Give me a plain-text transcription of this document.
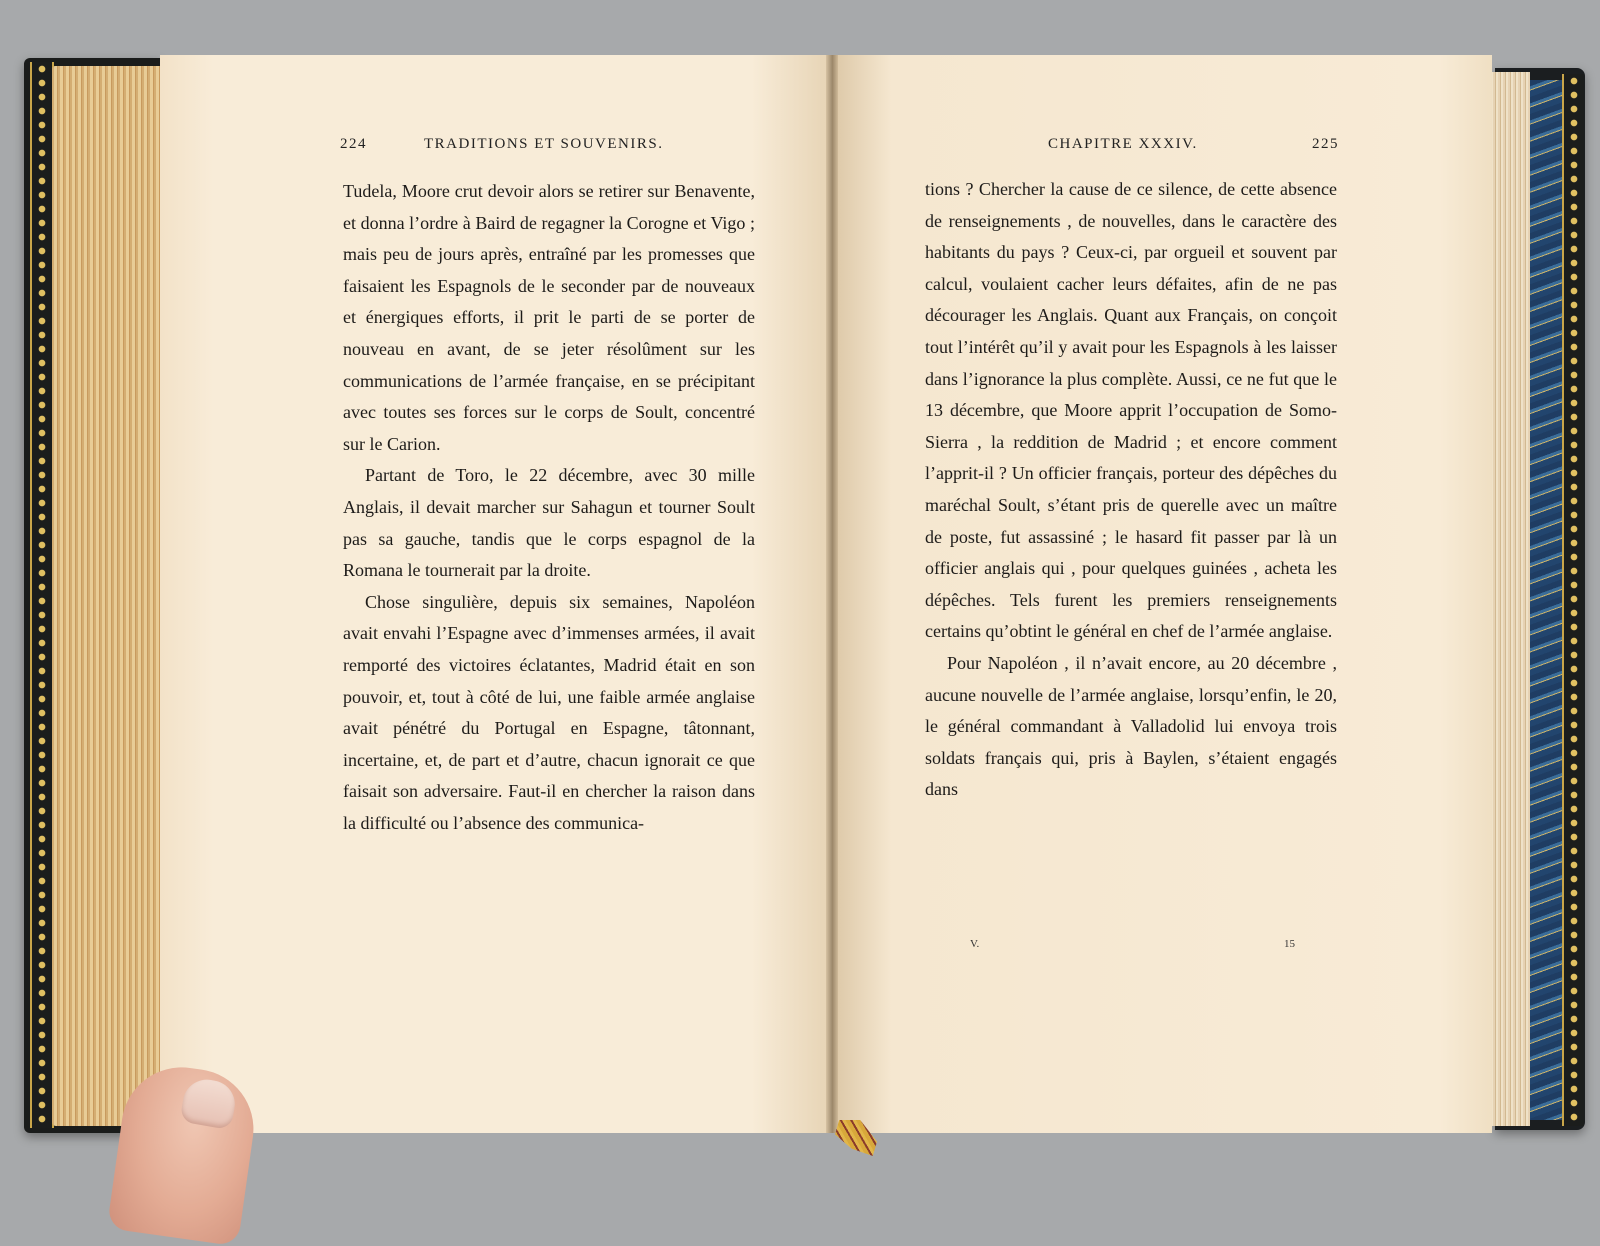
224	TRADITIONS ET SOUVENIRS.

Tudela, Moore crut devoir alors se retirer sur Benavente, et donna l’ordre à Baird de regagner la Corogne et Vigo ; mais peu de jours après, entraîné par les promesses que faisaient les Espagnols de le seconder par de nouveaux et énergiques efforts, il prit le parti de se porter de nouveau en avant, de se jeter résolûment sur les communications de l’armée française, en se précipitant avec toutes ses forces sur le corps de Soult, concentré sur le Carion.

Partant de Toro, le 22 décembre, avec 30 mille Anglais, il devait marcher sur Sahagun et tourner Soult pas sa gauche, tandis que le corps espagnol de la Romana le tournerait par la droite.

Chose singulière, depuis six semaines, Napoléon avait envahi l’Espagne avec d’immenses armées, il avait remporté des victoires éclatantes, Madrid était en son pouvoir, et, tout à côté de lui, une faible armée anglaise avait pénétré du Portugal en Espagne, tâtonnant, incertaine, et, de part et d’autre, chacun ignorait ce que faisait son adversaire. Faut-il en chercher la raison dans la difficulté ou l’absence des communica-

CHAPITRE XXXIV.	225

tions ? Chercher la cause de ce silence, de cette absence de renseignements , de nouvelles, dans le caractère des habitants du pays ? Ceux-ci, par orgueil et souvent par calcul, voulaient cacher leurs défaites, afin de ne pas décourager les Anglais. Quant aux Français, on conçoit tout l’intérêt qu’il y avait pour les Espagnols à les laisser dans l’ignorance la plus complète. Aussi, ce ne fut que le 13 décembre, que Moore apprit l’occupation de Somo-Sierra , la reddition de Madrid ; et encore comment l’apprit-il ? Un officier français, porteur des dépêches du maréchal Soult, s’étant pris de querelle avec un maître de poste, fut assassiné ; le hasard fit passer par là un officier anglais qui , pour quelques guinées , acheta les dépêches. Tels furent les premiers renseignements certains qu’obtint le général en chef de l’armée anglaise.

Pour Napoléon , il n’avait encore, au 20 décembre , aucune nouvelle de l’armée anglaise, lorsqu’enfin, le 20, le général commandant à Valladolid lui envoya trois soldats français qui, pris à Baylen, s’étaient engagés dans

V.	15
